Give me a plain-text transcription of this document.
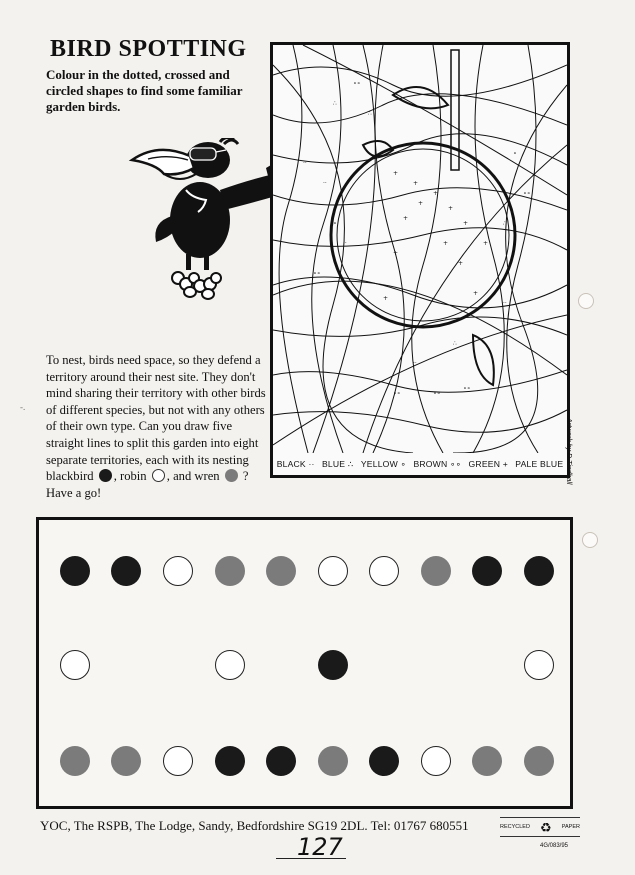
BIRD SPOTTING
Colour in the dotted, crossed and circled shapes to find some familiar garden birds.
+
+
+
+
+
+
+
+
+
+
+
+
∴
∘∘
∴
··
··
∘
∘∘
∴
∘
··
∘∘
∴
··
∘∘
∘∘
∘∘
··
+
BLACK ·· BLUE ∴ YELLOW ∘ BROWN ∘∘ GREEN + PALE BLUE Artwork by D Tindhall
‑.
To nest, birds need space, so they defend a territory around their nest site. They don't mind sharing their territory with other birds of different species, but not with any others of their own type. Can you draw five straight lines to split this garden into eight separate territories, each with its nesting blackbird , robin , and wren ? Have a go!
YOC, The RSPB, The Lodge, Sandy, Bedfordshire SG19 2DL. Tel: 01767 680551	RECYCLED ♻ PAPER
4G/083/95
127
